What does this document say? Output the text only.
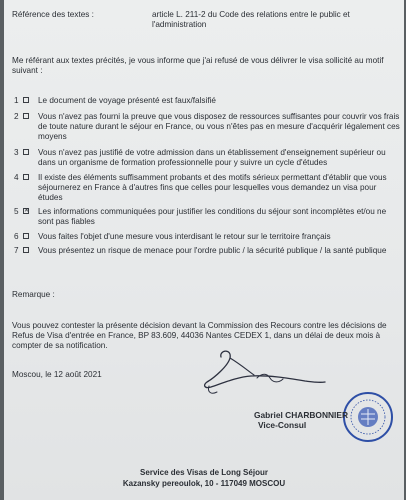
Référence des textes :	article L. 211-2 du Code des relations entre le public et l'administration
Me référant aux textes précités, je vous informe que j'ai refusé de vous délivrer le visa sollicité au motif suivant :
1	Le document de voyage présenté est faux/falsifié
2	Vous n'avez pas fourni la preuve que vous disposez de ressources suffisantes pour couvrir vos frais de toute nature durant le séjour en France, ou vous n'êtes pas en mesure d'acquérir légalement ces moyens
3	Vous n'avez pas justifié de votre admission dans un établissement d'enseignement supérieur ou dans un organisme de formation professionnelle pour y suivre un cycle d'études
4	Il existe des éléments suffisamment probants et des motifs sérieux permettant d'établir que vous séjournerez en France à d'autres fins que celles pour lesquelles vous demandez un visa pour études
5 ✕ Les informations communiquées pour justifier les conditions du séjour sont incomplètes et/ou ne sont pas fiables
6	Vous faites l'objet d'une mesure vous interdisant le retour sur le territoire français
7	Vous présentez un risque de menace pour l'ordre public / la sécurité publique / la santé publique
Remarque :
Vous pouvez contester la présente décision devant la Commission des Recours contre les décisions de Refus de Visa d'entrée en France, BP 83.609, 44036 Nantes CEDEX 1, dans un délai de deux mois à compter de sa notification.
Moscou, le 12 août 2021
Gabriel CHARBONNIER
Vice-Consul
Service des Visas de Long Séjour
Kazansky pereoulok, 10 - 117049 MOSCOU
